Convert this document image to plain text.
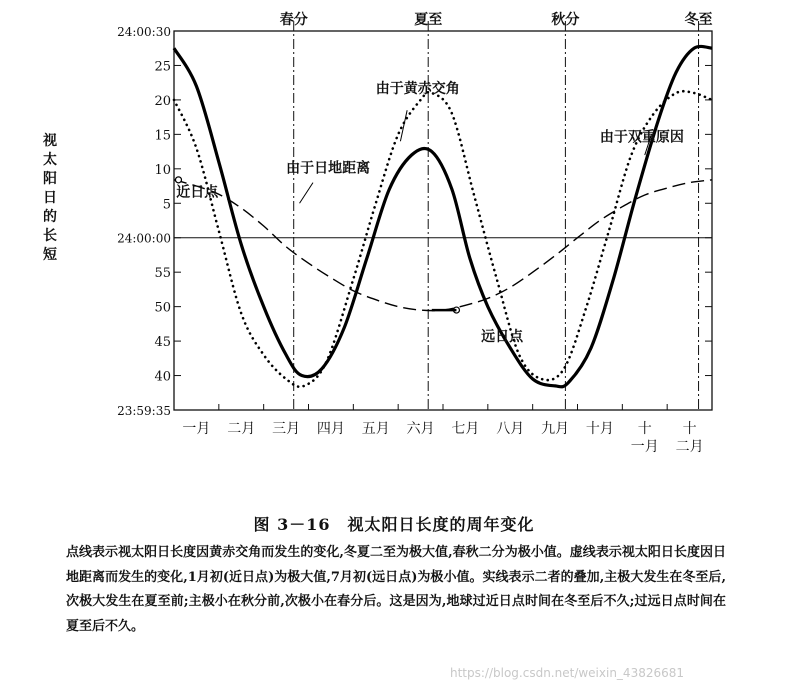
春分	夏至	秋分	冬至
24:00:30
25
20
15
10
5
24:00:00
55
50
45
40
23:59:35
一月 二月 三月 四月 五月 六月 七月 八月 九月 十月 十
一月
十
二月
由于黄赤交角
由于日地距离
由于双重原因
近日点
远日点
视太阳日的长短
图 3－16　视太阳日长度的周年变化
点线表示视太阳日长度因黄赤交角而发生的变化,冬夏二至为极大值,春秋二分为极小值。虚线表示视太阳日长度因日地距离而发生的变化,1月初(近日点)为极大值,7月初(远日点)为极小值。实线表示二者的叠加,主极大发生在冬至后,次极大发生在夏至前;主极小在秋分前,次极小在春分后。这是因为,地球过近日点时间在冬至后不久;过远日点时间在夏至后不久。
https://blog.csdn.net/weixin_43826681
